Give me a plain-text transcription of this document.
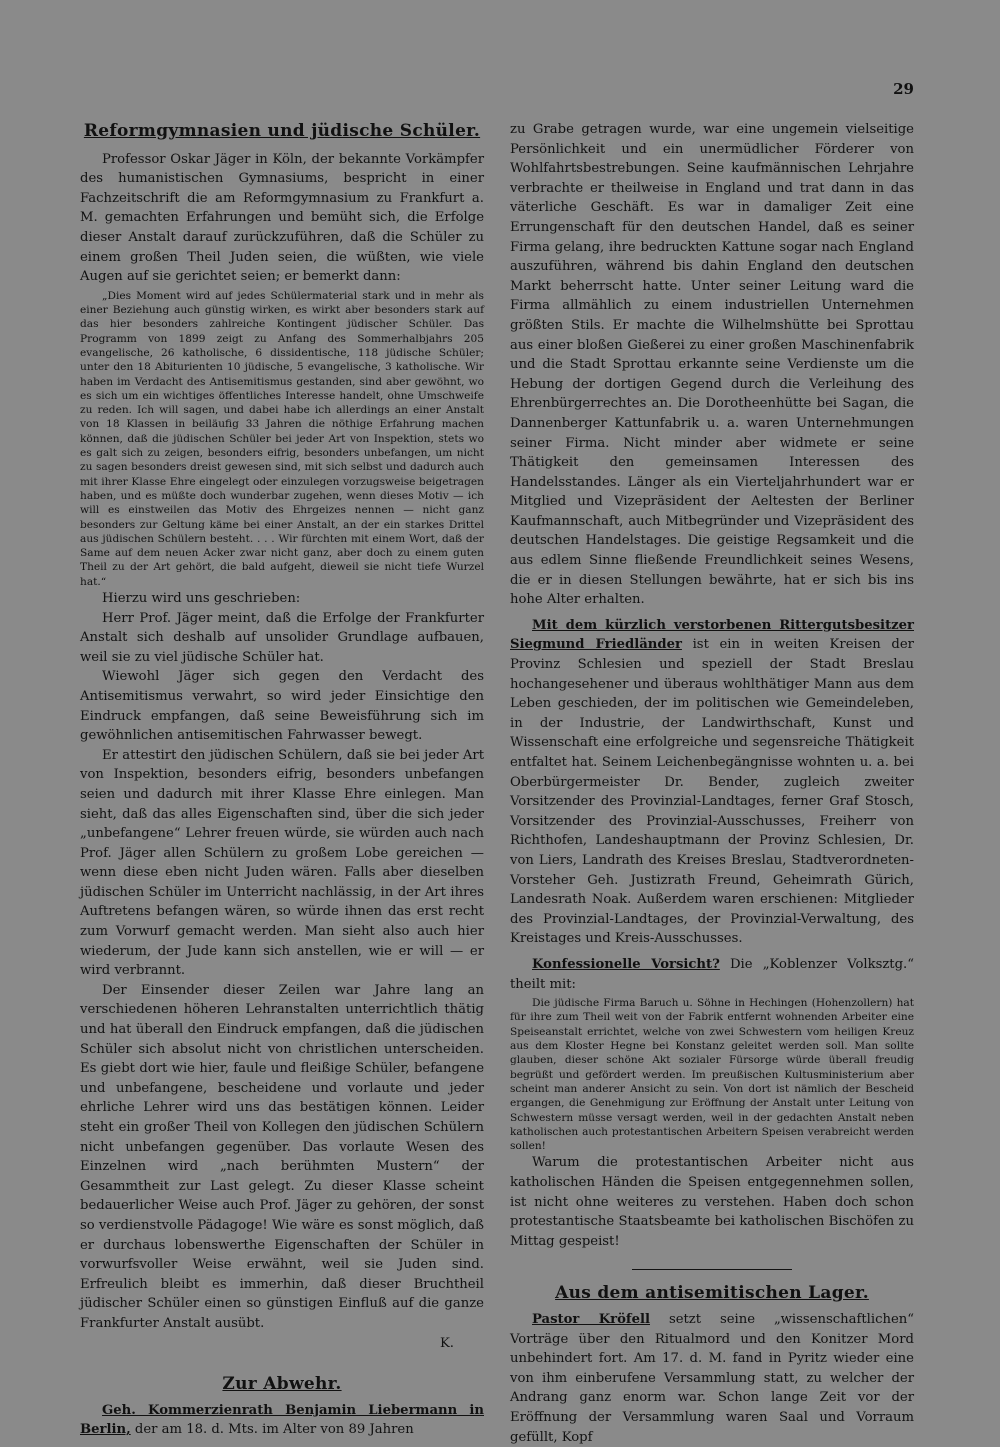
29
Reformgymnasien und jüdische Schüler.

Professor Oskar Jäger in Köln, der bekannte Vorkämpfer des humanistischen Gymnasiums, bespricht in einer Fachzeitschrift die am Reformgymnasium zu Frankfurt a. M. gemachten Erfahrungen und bemüht sich, die Erfolge dieser Anstalt darauf zurückzuführen, daß die Schüler zu einem großen Theil Juden seien, die wüßten, wie viele Augen auf sie gerichtet seien; er bemerkt dann:

„Dies Moment wird auf jedes Schülermaterial stark und in mehr als einer Beziehung auch günstig wirken, es wirkt aber besonders stark auf das hier besonders zahlreiche Kontingent jüdischer Schüler. Das Programm von 1899 zeigt zu Anfang des Sommerhalbjahrs 205 evangelische, 26 katholische, 6 dissidentische, 118 jüdische Schüler; unter den 18 Abiturienten 10 jüdische, 5 evangelische, 3 katholische. Wir haben im Verdacht des Antisemitismus gestanden, sind aber gewöhnt, wo es sich um ein wichtiges öffentliches Interesse handelt, ohne Umschweife zu reden. Ich will sagen, und dabei habe ich allerdings an einer Anstalt von 18 Klassen in beiläufig 33 Jahren die nöthige Erfahrung machen können, daß die jüdischen Schüler bei jeder Art von Inspektion, stets wo es galt sich zu zeigen, besonders eifrig, besonders unbefangen, um nicht zu sagen besonders dreist gewesen sind, mit sich selbst und dadurch auch mit ihrer Klasse Ehre eingelegt oder einzulegen vorzugsweise beigetragen haben, und es müßte doch wunderbar zugehen, wenn dieses Motiv — ich will es einstweilen das Motiv des Ehrgeizes nennen — nicht ganz besonders zur Geltung käme bei einer Anstalt, an der ein starkes Drittel aus jüdischen Schülern besteht. . . . Wir fürchten mit einem Wort, daß der Same auf dem neuen Acker zwar nicht ganz, aber doch zu einem guten Theil zu der Art gehört, die bald aufgeht, dieweil sie nicht tiefe Wurzel hat.“

Hierzu wird uns geschrieben:

Herr Prof. Jäger meint, daß die Erfolge der Frankfurter Anstalt sich deshalb auf unsolider Grundlage aufbauen, weil sie zu viel jüdische Schüler hat.

Wiewohl Jäger sich gegen den Verdacht des Antisemitismus verwahrt, so wird jeder Einsichtige den Eindruck empfangen, daß seine Beweisführung sich im gewöhnlichen antisemitischen Fahrwasser bewegt.

Er attestirt den jüdischen Schülern, daß sie bei jeder Art von Inspektion, besonders eifrig, besonders unbefangen seien und dadurch mit ihrer Klasse Ehre einlegen. Man sieht, daß das alles Eigenschaften sind, über die sich jeder „unbefangene“ Lehrer freuen würde, sie würden auch nach Prof. Jäger allen Schülern zu großem Lobe gereichen — wenn diese eben nicht Juden wären. Falls aber dieselben jüdischen Schüler im Unterricht nachlässig, in der Art ihres Auftretens befangen wären, so würde ihnen das erst recht zum Vorwurf gemacht werden. Man sieht also auch hier wiederum, der Jude kann sich anstellen, wie er will — er wird verbrannt.

Der Einsender dieser Zeilen war Jahre lang an verschiedenen höheren Lehranstalten unterrichtlich thätig und hat überall den Eindruck empfangen, daß die jüdischen Schüler sich absolut nicht von christlichen unterscheiden. Es giebt dort wie hier, faule und fleißige Schüler, befangene und unbefangene, bescheidene und vorlaute und jeder ehrliche Lehrer wird uns das bestätigen können. Leider steht ein großer Theil von Kollegen den jüdischen Schülern nicht unbefangen gegenüber. Das vorlaute Wesen des Einzelnen wird „nach berühmten Mustern“ der Gesammtheit zur Last gelegt. Zu dieser Klasse scheint bedauerlicher Weise auch Prof. Jäger zu gehören, der sonst so verdienstvolle Pädagoge! Wie wäre es sonst möglich, daß er durchaus lobenswerthe Eigenschaften der Schüler in vorwurfsvoller Weise erwähnt, weil sie Juden sind. Erfreulich bleibt es immerhin, daß dieser Bruchtheil jüdischer Schüler einen so günstigen Einfluß auf die ganze Frankfurter Anstalt ausübt.

K.
Zur Abwehr.

Geh. Kommerzienrath Benjamin Liebermann in Berlin, der am 18. d. Mts. im Alter von 89 Jahren

zu Grabe getragen wurde, war eine ungemein vielseitige Persönlichkeit und ein unermüdlicher Förderer von Wohlfahrtsbestrebungen. Seine kaufmännischen Lehrjahre verbrachte er theilweise in England und trat dann in das väterliche Geschäft. Es war in damaliger Zeit eine Errungenschaft für den deutschen Handel, daß es seiner Firma gelang, ihre bedruckten Kattune sogar nach England auszuführen, während bis dahin England den deutschen Markt beherrscht hatte. Unter seiner Leitung ward die Firma allmählich zu einem industriellen Unternehmen größten Stils. Er machte die Wilhelmshütte bei Sprottau aus einer bloßen Gießerei zu einer großen Maschinenfabrik und die Stadt Sprottau erkannte seine Verdienste um die Hebung der dortigen Gegend durch die Verleihung des Ehrenbürgerrechtes an. Die Dorotheenhütte bei Sagan, die Dannenberger Kattunfabrik u. a. waren Unternehmungen seiner Firma. Nicht minder aber widmete er seine Thätigkeit den gemeinsamen Interessen des Handelsstandes. Länger als ein Vierteljahrhundert war er Mitglied und Vizepräsident der Aeltesten der Berliner Kaufmannschaft, auch Mitbegründer und Vizepräsident des deutschen Handelstages. Die geistige Regsamkeit und die aus edlem Sinne fließende Freundlichkeit seines Wesens, die er in diesen Stellungen bewährte, hat er sich bis ins hohe Alter erhalten.

Mit dem kürzlich verstorbenen Rittergutsbesitzer Siegmund Friedländer ist ein in weiten Kreisen der Provinz Schlesien und speziell der Stadt Breslau hochangesehener und überaus wohlthätiger Mann aus dem Leben geschieden, der im politischen wie Gemeindeleben, in der Industrie, der Landwirthschaft, Kunst und Wissenschaft eine erfolgreiche und segensreiche Thätigkeit entfaltet hat. Seinem Leichenbegängnisse wohnten u. a. bei Oberbürgermeister Dr. Bender, zugleich zweiter Vorsitzender des Provinzial-Landtages, ferner Graf Stosch, Vorsitzender des Provinzial-Ausschusses, Freiherr von Richthofen, Landeshauptmann der Provinz Schlesien, Dr. von Liers, Landrath des Kreises Breslau, Stadtverordneten-Vorsteher Geh. Justizrath Freund, Geheimrath Gürich, Landesrath Noak. Außerdem waren erschienen: Mitglieder des Provinzial-Landtages, der Provinzial-Verwaltung, des Kreistages und Kreis-Ausschusses.

Konfessionelle Vorsicht? Die „Koblenzer Volksztg.“ theilt mit:

Die jüdische Firma Baruch u. Söhne in Hechingen (Hohenzollern) hat für ihre zum Theil weit von der Fabrik entfernt wohnenden Arbeiter eine Speiseanstalt errichtet, welche von zwei Schwestern vom heiligen Kreuz aus dem Kloster Hegne bei Konstanz geleitet werden soll. Man sollte glauben, dieser schöne Akt sozialer Fürsorge würde überall freudig begrüßt und gefördert werden. Im preußischen Kultusministerium aber scheint man anderer Ansicht zu sein. Von dort ist nämlich der Bescheid ergangen, die Genehmigung zur Eröffnung der Anstalt unter Leitung von Schwestern müsse versagt werden, weil in der gedachten Anstalt neben katholischen auch protestantischen Arbeitern Speisen verabreicht werden sollen!

Warum die protestantischen Arbeiter nicht aus katholischen Händen die Speisen entgegennehmen sollen, ist nicht ohne weiteres zu verstehen. Haben doch schon protestantische Staatsbeamte bei katholischen Bischöfen zu Mittag gespeist!

Aus dem antisemitischen Lager.

Pastor Kröfell setzt seine „wissenschaftlichen“ Vorträge über den Ritualmord und den Konitzer Mord unbehindert fort. Am 17. d. M. fand in Pyritz wieder eine von ihm einberufene Versammlung statt, zu welcher der Andrang ganz enorm war. Schon lange Zeit vor der Eröffnung der Versammlung waren Saal und Vorraum gefüllt, Kopf
